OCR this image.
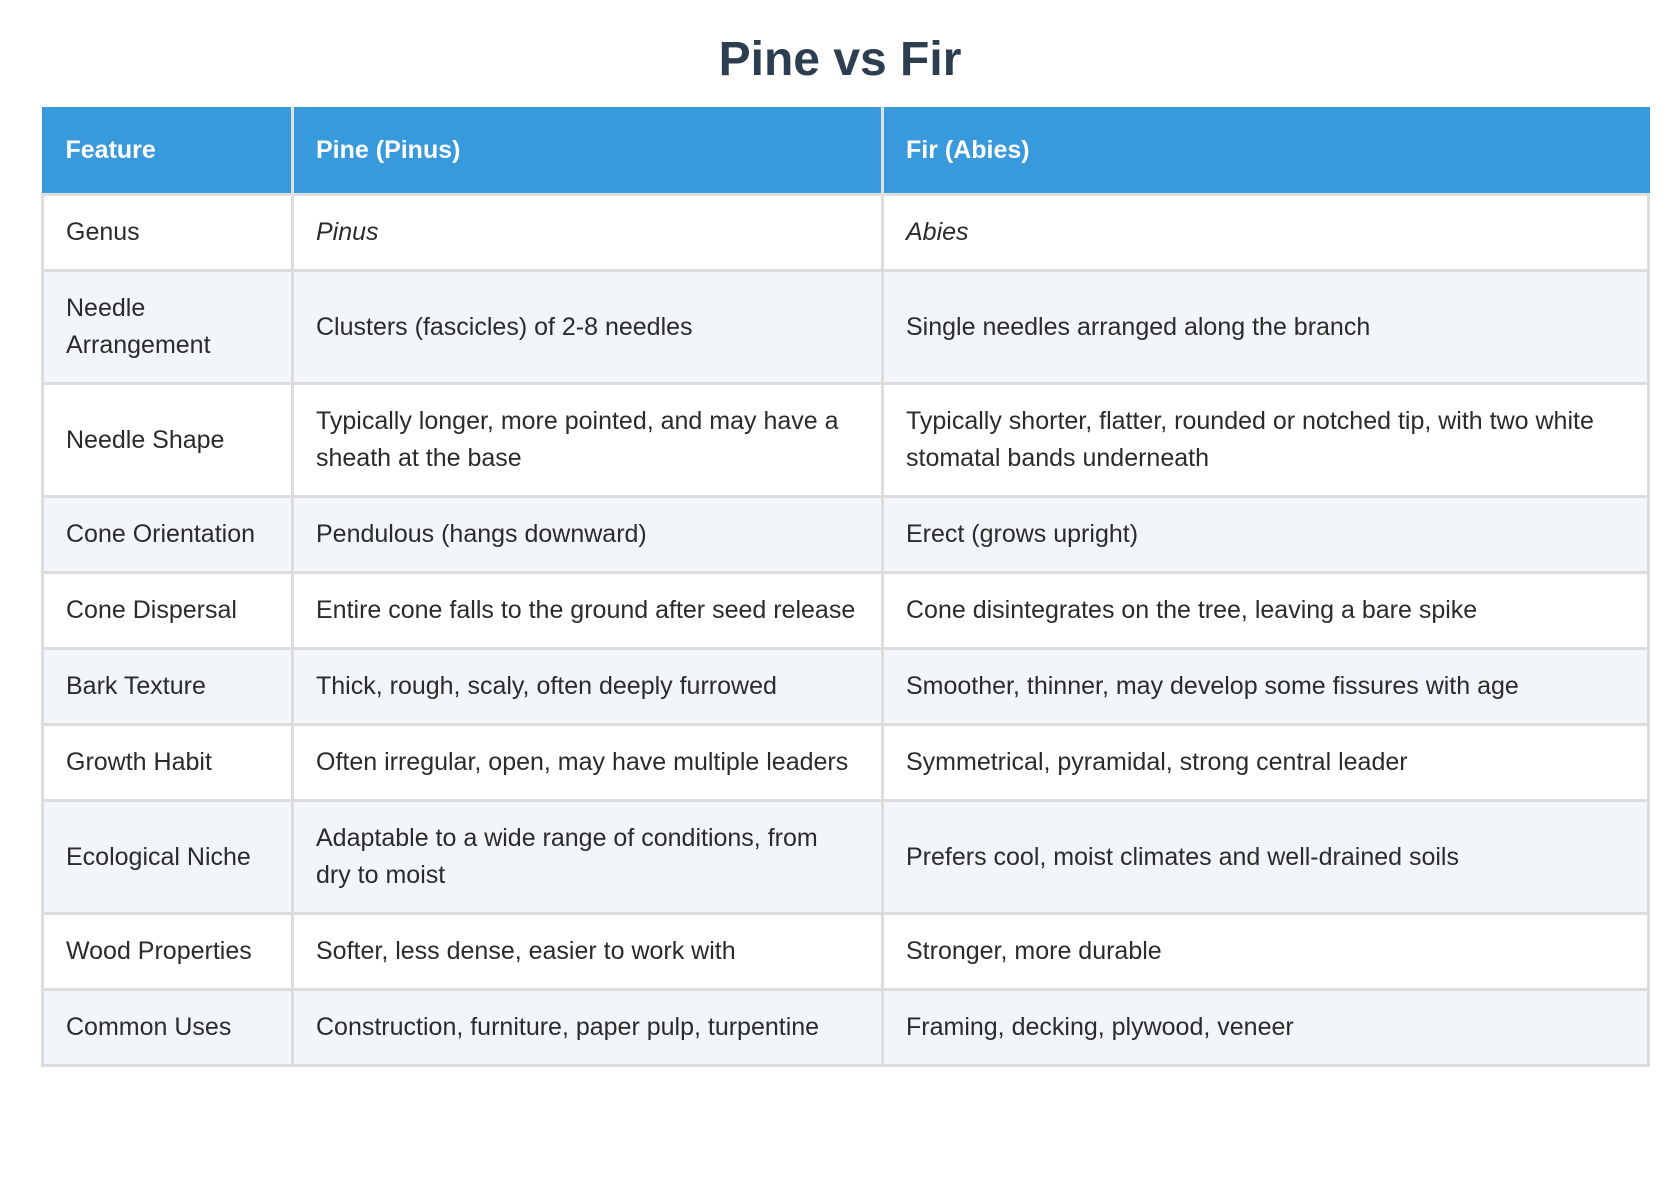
Pine vs Fir
Feature	Pine (Pinus)	Fir (Abies)
Genus	Pinus	Abies
Needle Arrangement	Clusters (fascicles) of 2-8 needles	Single needles arranged along the branch
Needle Shape	Typically longer, more pointed, and may have a sheath at the base	Typically shorter, flatter, rounded or notched tip, with two white stomatal bands underneath
Cone Orientation	Pendulous (hangs downward)	Erect (grows upright)
Cone Dispersal	Entire cone falls to the ground after seed release	Cone disintegrates on the tree, leaving a bare spike
Bark Texture	Thick, rough, scaly, often deeply furrowed	Smoother, thinner, may develop some fissures with age
Growth Habit	Often irregular, open, may have multiple leaders	Symmetrical, pyramidal, strong central leader
Ecological Niche	Adaptable to a wide range of conditions, from dry to moist	Prefers cool, moist climates and well-drained soils
Wood Properties	Softer, less dense, easier to work with	Stronger, more durable
Common Uses	Construction, furniture, paper pulp, turpentine	Framing, decking, plywood, veneer
